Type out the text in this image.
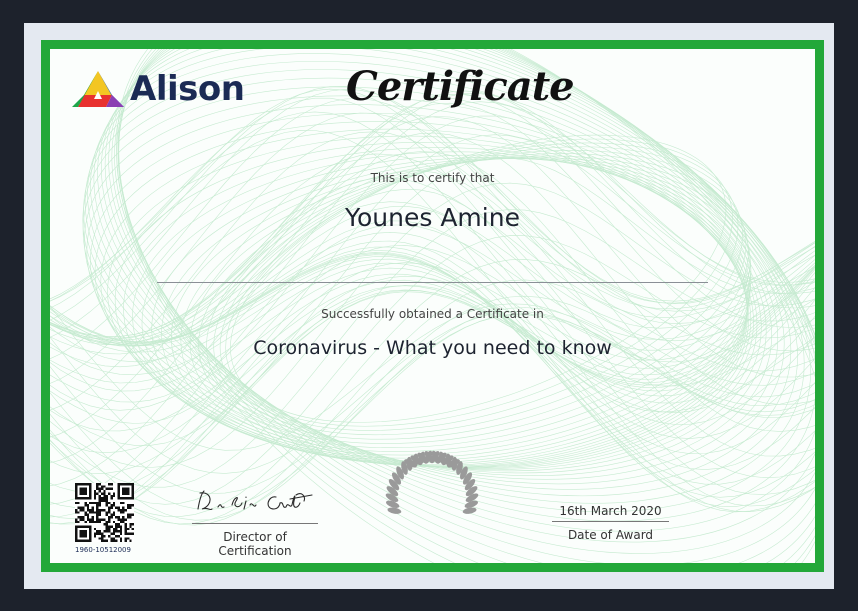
Alison	Certificate
This is to certify that
Younes Amine
Successfully obtained a Certificate in
Coronavirus - What you need to know
1960-10512009
Director of Certification
16th March 2020
Date of Award
